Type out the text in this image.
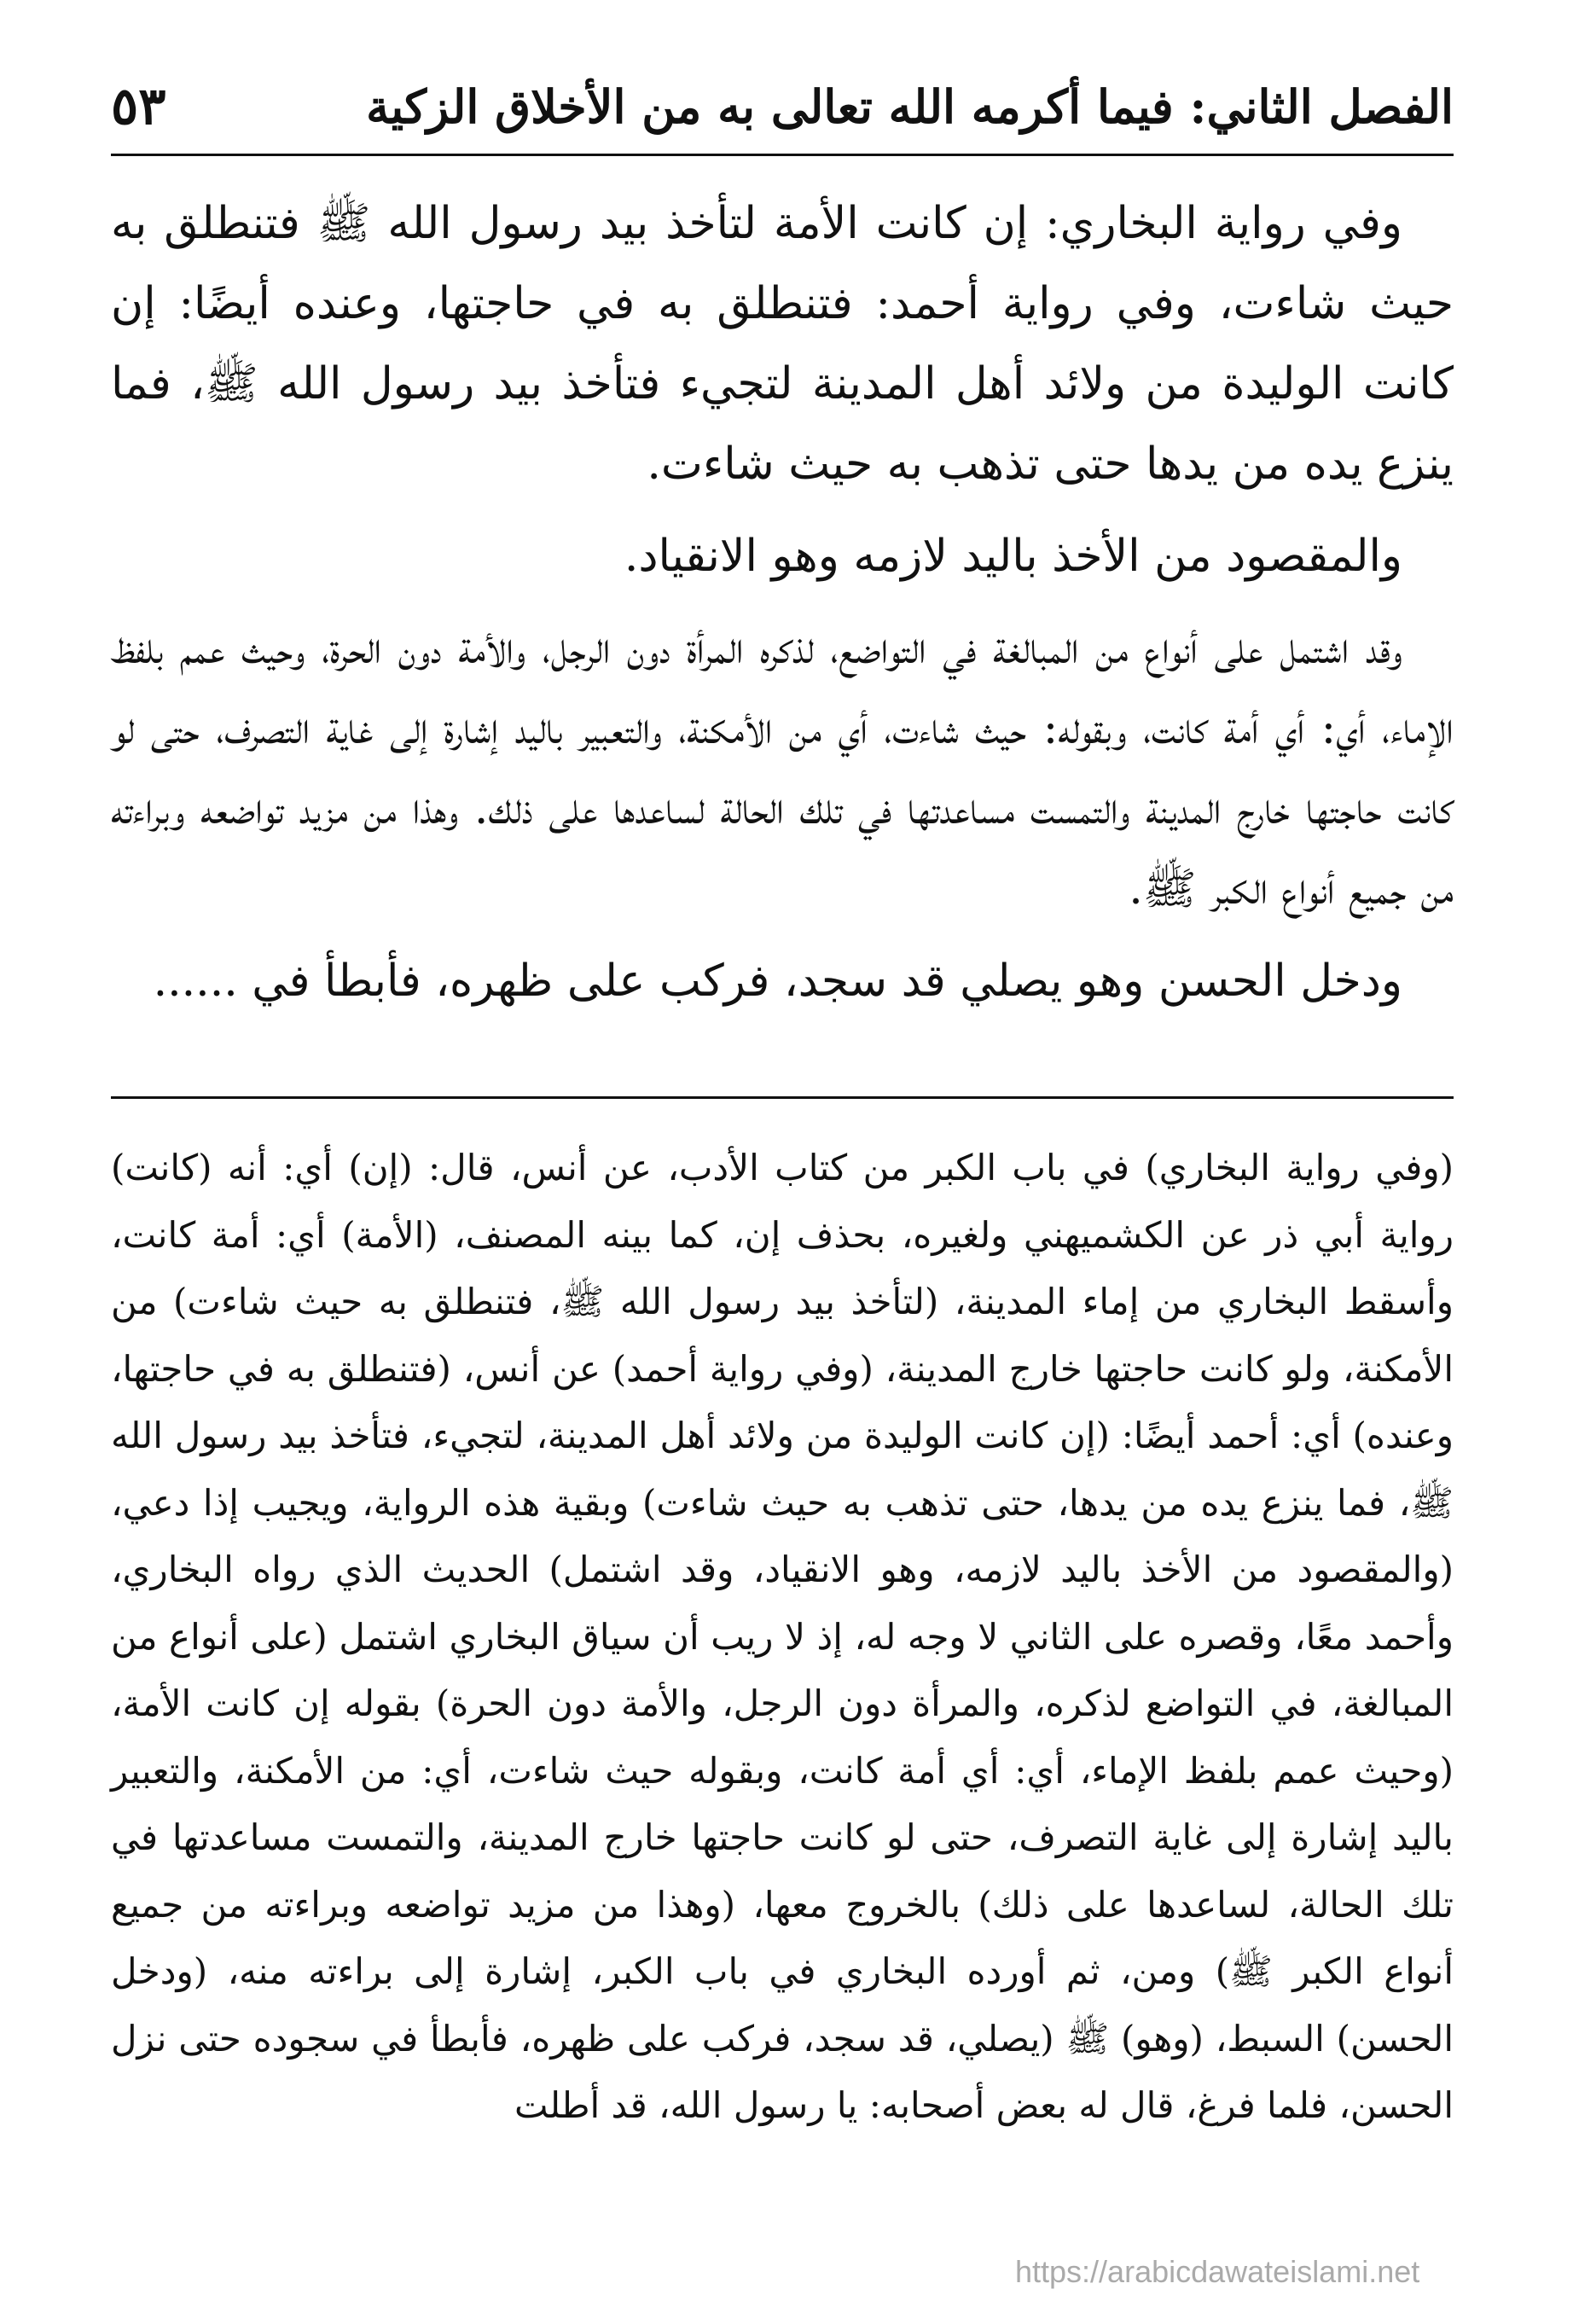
الفصل الثاني: فيما أكرمه الله تعالى به من الأخلاق الزكية
٥٣

وفي رواية البخاري: إن كانت الأمة لتأخذ بيد رسول الله ﷺ فتنطلق به حيث شاءت، وفي رواية أحمد: فتنطلق به في حاجتها، وعنده أيضًا: إن كانت الوليدة من ولائد أهل المدينة لتجيء فتأخذ بيد رسول الله ﷺ، فما ينزع يده من يدها حتى تذهب به حيث شاءت.

والمقصود من الأخذ باليد لازمه وهو الانقياد.

وقد اشتمل على أنواع من المبالغة في التواضع، لذكره المرأة دون الرجل، والأمة دون الحرة، وحيث عمم بلفظ الإماء، أي: أي أمة كانت، وبقوله: حيث شاءت، أي من الأمكنة، والتعبير باليد إشارة إلى غاية التصرف، حتى لو كانت حاجتها خارج المدينة والتمست مساعدتها في تلك الحالة لساعدها على ذلك. وهذا من مزيد تواضعه وبراءته من جميع أنواع الكبر ﷺ.

ودخل الحسن وهو يصلي قد سجد، فركب على ظهره، فأبطأ في ......

(وفي رواية البخاري) في باب الكبر من كتاب الأدب، عن أنس، قال: (إن) أي: أنه (كانت) رواية أبي ذر عن الكشميهني ولغيره، بحذف إن، كما بينه المصنف، (الأمة) أي: أمة كانت، وأسقط البخاري من إماء المدينة، (لتأخذ بيد رسول الله ﷺ، فتنطلق به حيث شاءت) من الأمكنة، ولو كانت حاجتها خارج المدينة، (وفي رواية أحمد) عن أنس، (فتنطلق به في حاجتها، وعنده) أي: أحمد أيضًا: (إن كانت الوليدة من ولائد أهل المدينة، لتجيء، فتأخذ بيد رسول الله ﷺ، فما ينزع يده من يدها، حتى تذهب به حيث شاءت) وبقية هذه الرواية، ويجيب إذا دعي، (والمقصود من الأخذ باليد لازمه، وهو الانقياد، وقد اشتمل) الحديث الذي رواه البخاري، وأحمد معًا، وقصره على الثاني لا وجه له، إذ لا ريب أن سياق البخاري اشتمل (على أنواع من المبالغة، في التواضع لذكره، والمرأة دون الرجل، والأمة دون الحرة) بقوله إن كانت الأمة، (وحيث عمم بلفظ الإماء، أي: أي أمة كانت، وبقوله حيث شاءت، أي: من الأمكنة، والتعبير باليد إشارة إلى غاية التصرف، حتى لو كانت حاجتها خارج المدينة، والتمست مساعدتها في تلك الحالة، لساعدها على ذلك) بالخروج معها، (وهذا من مزيد تواضعه وبراءته من جميع أنواع الكبر ﷺ) ومن، ثم أورده البخاري في باب الكبر، إشارة إلى براءته منه، (ودخل الحسن) السبط، (وهو) ﷺ (يصلي، قد سجد، فركب على ظهره، فأبطأ في سجوده حتى نزل الحسن، فلما فرغ، قال له بعض أصحابه: يا رسول الله، قد أطلت

https://arabicdawateislami.net
